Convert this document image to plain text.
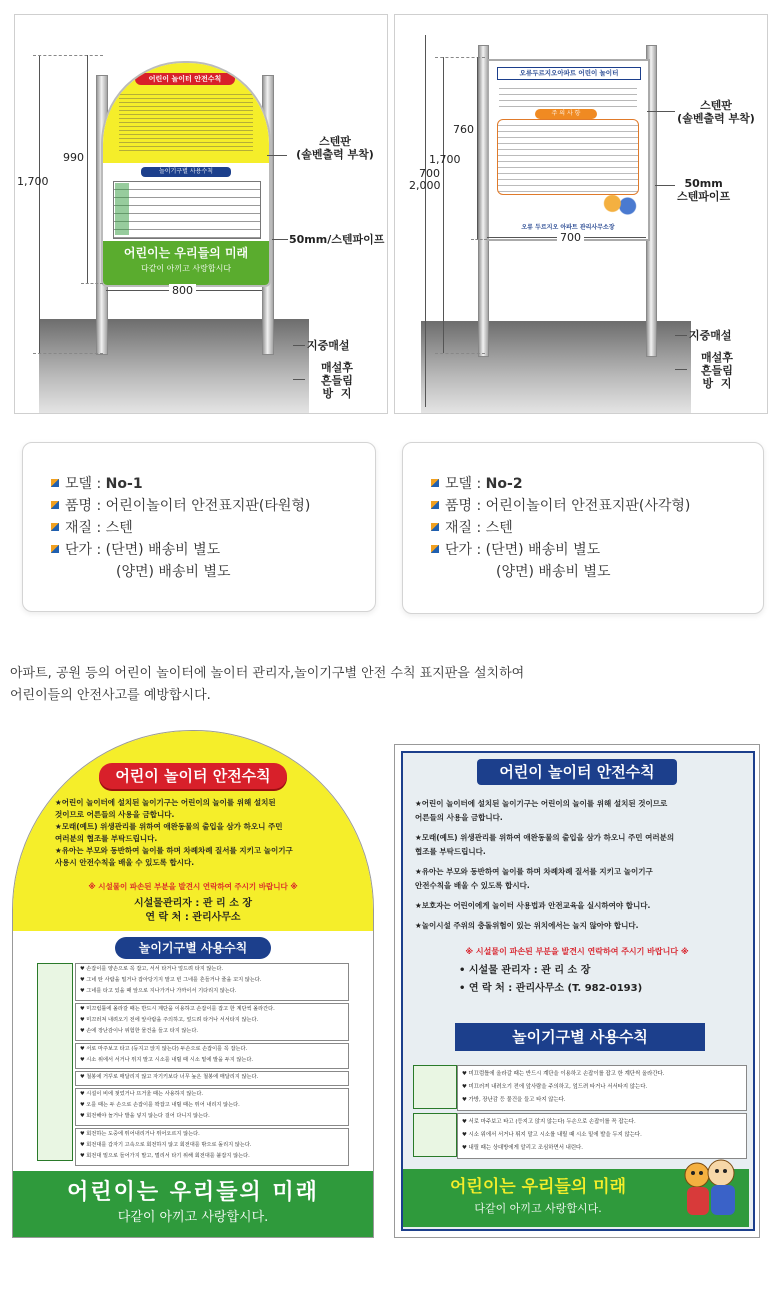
어린이 놀이터 안전수칙
놀이기구별 사용수칙
어린이는 우리들의 미래
다같이 아끼고 사랑합시다
1,700
990
800
스텐판
(솔벤출력 부착)
50mm/스텐파이프
지중매설
매설후
흔들림
방  지
오류두르지오아파트 어린이 놀이터
주 의 사 항
오류 두르지오 아파트 관리사무소장
760
1,700
700
2,000
700
스텐판
(솔벤출력 부착)
50mm
스텐파이프
지중매설
매설후
흔들림
방  지
모델 : No-1
품명 : 어린이놀이터 안전표지판(타원형)
재질 : 스텐
단가 : (단면) 배송비 별도
(양면) 배송비 별도
모델 : No-2
품명 : 어린이놀이터 안전표지판(사각형)
재질 : 스텐
단가 : (단면) 배송비 별도
(양면) 배송비 별도
아파트, 공원 등의 어린이 놀이터에 놀이터 관리자,놀이기구별 안전 수칙 표지판을 설치하여
어린이들의 안전사고를 예방합시다.
어린이 놀이터 안전수칙
★어린이 놀이터에 설치된 놀이기구는 어린이의 놀이를 위해 설치된
것이므로 어른들의 사용을 금합니다.
★모래(예트) 위생관리를 위하여 애완동물의 출입을 삼가 하오니 주민
여러분의 협조를 부탁드립니다.
★유아는 부모와 동반하여 놀이를 하며 차례차례 질서를 지키고 놀이기구
사용시 안전수칙을 배울 수 있도록 합시다.
※ 시설물이 파손된 부분을 발견시 연락하여 주시기 바랍니다 ※
시설물관리자 : 관 리 소 장
연 락 처 : 관리사무소
놀이기구별 사용수칙
♥ 손잡이를 양손으로 꼭 잡고, 서서 타거나 엎드려 타지 않는다.
♥ 그네 탄 사람을 밀거나 잡아당기지 말고 빈 그네를 흔들거나 줄을 꼬지 않는다.
♥ 그네를 타고 있을 때 앞으로 지나가거나 가까이서 기다리지 않는다.
♥ 미끄럼틀에 올라갈 때는 반드시 계단을 이용하고 손잡이를 잡고 한 계단씩 올라간다.
♥ 미끄러져 내려오기 전에 앞사람을 주의하고, 엎드려 타거나 서서타지 않는다.
♥ 손에 장난감이나 위험한 물건을 들고 타지 않는다.
♥ 서로 마주보고 타고 (등지고 앉지 않는다) 두손으로 손잡이를 꼭 잡는다.
♥ 시소 위에서 서거나 뛰지 말고 시소를 내릴 때 시소 밑에 발을 두지 않는다.
♥ 철봉에 거꾸로 매달리지 않고 자기키보다 너무 높은 철봉에 매달리지 않는다.
♥ 시설이 비에 젖었거나 뜨거울 때는 사용하지 않는다.
♥ 오를 때는 두 손으로 손잡이를 꽉잡고 내릴 때는 뛰어 내리지 않는다.
♥ 회전해야 놀거나 발을 넣지 않는다 걸어 다니지 않는다.
♥ 회전하는 도중에 뛰어내리거나 뛰어오르지 않는다.
♥ 회전대를 갑자기 고속으로 회전하지 않고 회전대를 밖으로 돌리지 않는다.
♥ 회전대 밑으로 들어가지 말고, 멀리서 타기 위해 회전대를 붙잡지 않는다.
어린이는 우리들의 미래
다같이 아끼고 사랑합시다.
어린이 놀이터 안전수칙
★어린이 놀이터에 설치된 놀이기구는 어린이의 놀이를 위해 설치된 것이므로
어른들의 사용을 금합니다.
★모래(예트) 위생관리를 위하여 애완동물의 출입을 삼가 하오니 주민 여러분의
협조를 부탁드립니다.
★유아는 부모와 동반하여 놀이를 하며 차례차례 질서를 지키고 놀이기구
안전수칙을 배울 수 있도록 합시다.
★보호자는 어린이에게 놀이터 사용법과 안전교육을 실시하여야 합니다.
★놀이시설 주위의 충돌위험이 있는 위치에서는 놀지 않아야 합니다.
※ 시설물이 파손된 부분을 발견시 연락하여 주시기 바랍니다 ※
• 시설물 관리자 : 관 리 소 장
• 연 락 처 : 관리사무소 (T. 982-0193)
놀이기구별 사용수칙
♥ 미끄럼틀에 올라갈 때는 반드시 계단을 이용하고 손잡이를 잡고 한 계단씩 올라간다.
♥ 미끄러져 내려오기 전에 앞사람을 주의하고, 엎드려 타거나 서서타지 않는다.
♥ 가방, 장난감 등 물건을 들고 타지 않는다.
♥ 서로 마주보고 타고 (등지고 앉지 않는다) 두손으로 손잡이를 꼭 잡는다.
♥ 시소 위에서 서거나 뛰지 말고 시소를 내릴 때 시소 밑에 발을 두지 않는다.
♥ 내릴 때는 상대방에게 알리고 조심하면서 내린다.
어린이는 우리들의 미래
다같이 아끼고 사랑합시다.
